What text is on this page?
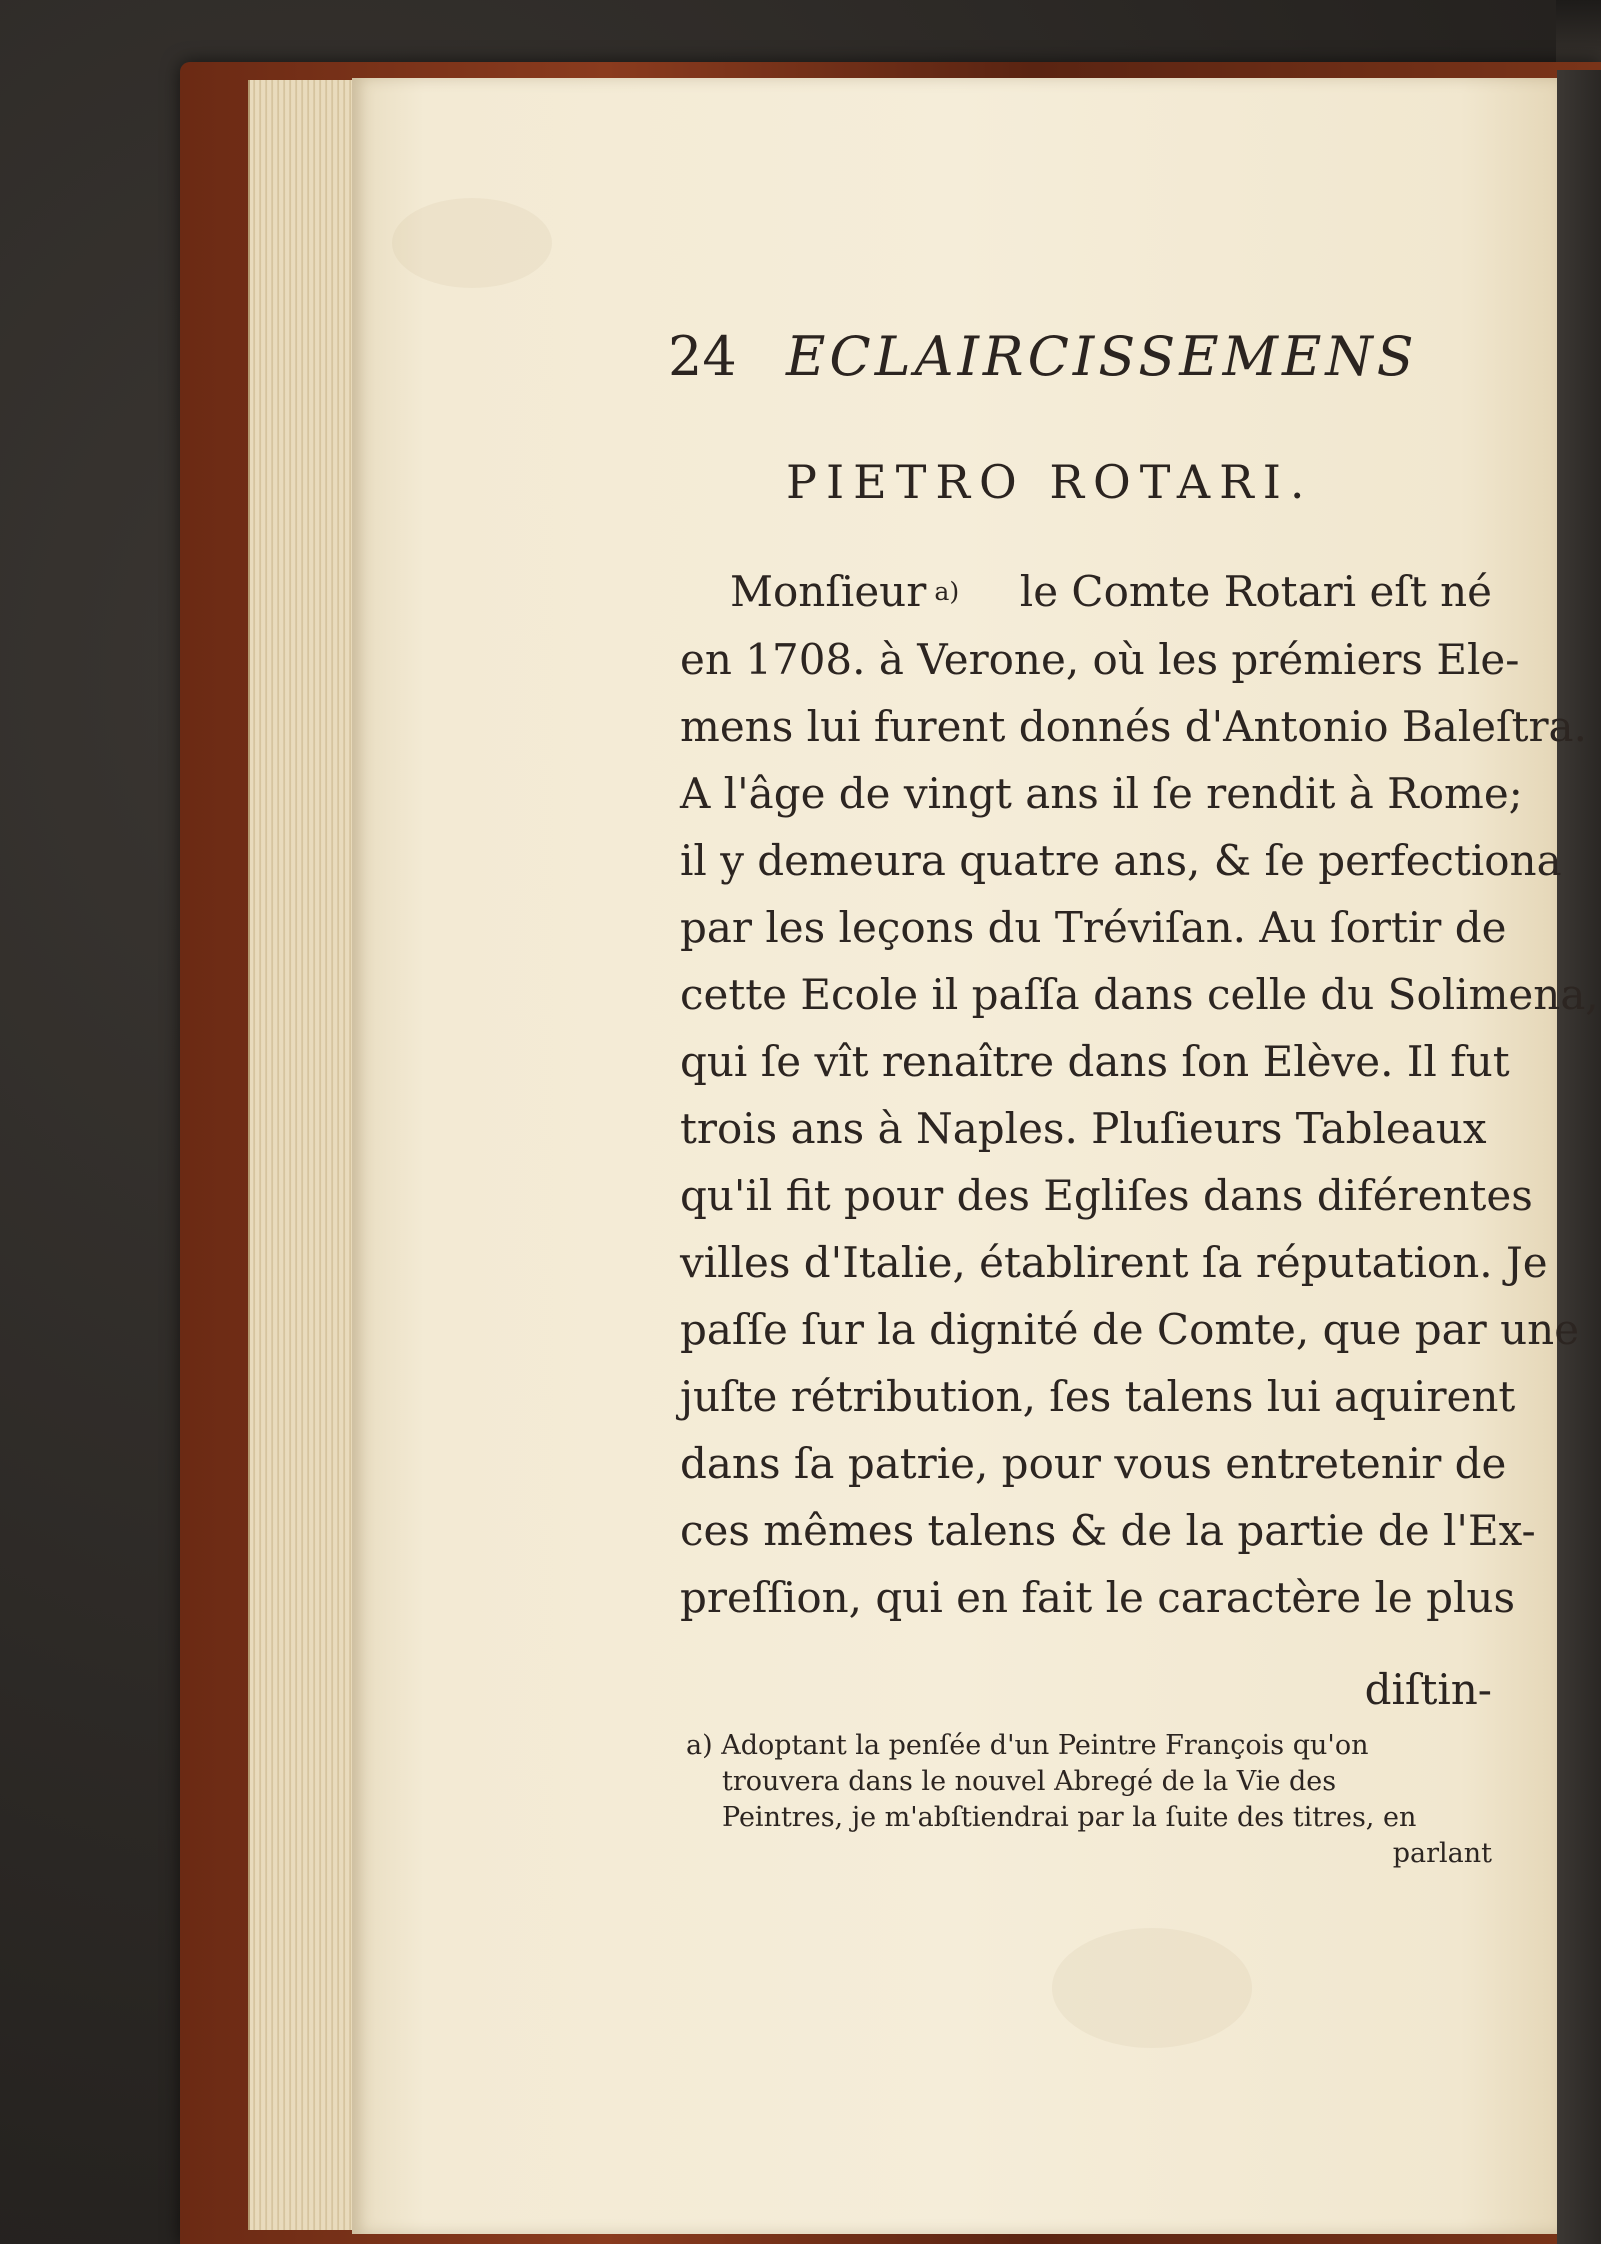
24 ECLAIRCISSEMENS
PIETRO ROTARI.
Monſieur a)	le Comte Rotari eſt né
en 1708. à Verone, où les prémiers Ele-
mens lui furent donnés d'Antonio Baleſtra.
A l'âge de vingt ans il ſe rendit à Rome;
il y demeura quatre ans, & ſe perfectiona
par les leçons du Tréviſan. Au ſortir de
cette Ecole il paſſa dans celle du Solimena,
qui ſe vît renaître dans ſon Elève. Il fut
trois ans à Naples. Pluſieurs Tableaux
qu'il fit pour des Egliſes dans diférentes
villes d'Italie, établirent ſa réputation. Je
paſſe ſur la dignité de Comte, que par une
juſte rétribution, ſes talens lui aquirent
dans ſa patrie, pour vous entretenir de
ces mêmes talens & de la partie de l'Ex-
preſſion, qui en fait le caractère le plus
diſtin-
a) Adoptant la penſée d'un Peintre François qu'on
trouvera dans le nouvel Abregé de la Vie des
Peintres, je m'abſtiendrai par la ſuite des titres, en
parlant
